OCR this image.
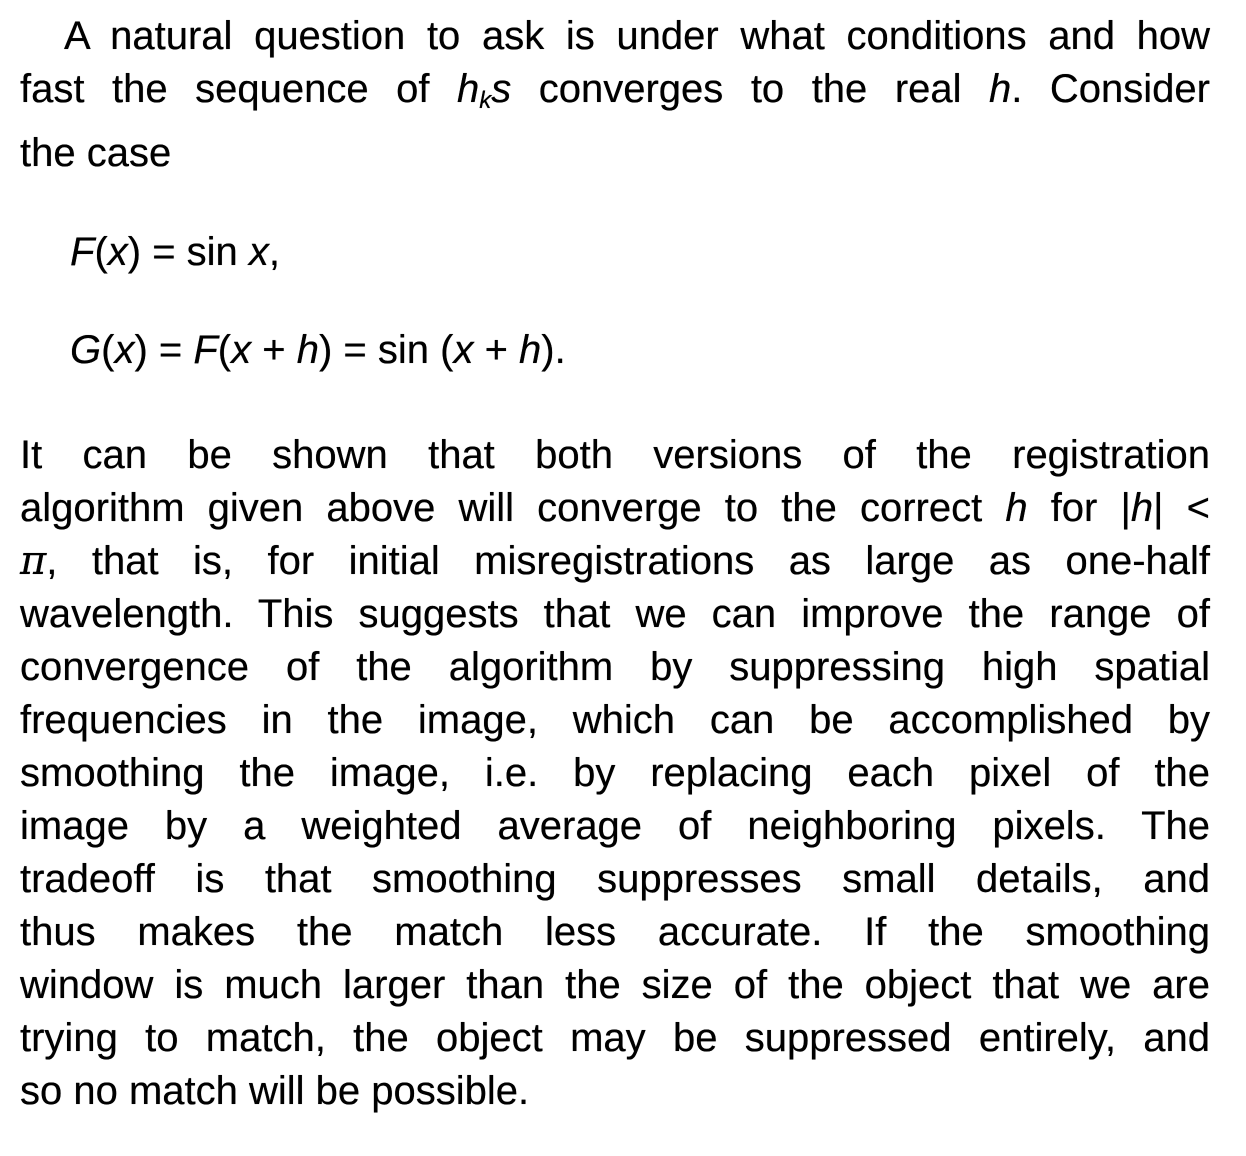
A natural question to ask is under what conditions and how
fast the sequence of $h_ks$ converges to the real h. Consider
the case
F(x) = sin x,
G(x) = F(x + h) = sin (x + h).
It can be shown that both versions of the registration
algorithm given above will converge to the correct h for |h| <
π, that is, for initial misregistrations as large as one-half
wavelength. This suggests that we can improve the range of
convergence of the algorithm by suppressing high spatial
frequencies in the image, which can be accomplished by
smoothing the image, i.e. by replacing each pixel of the
image by a weighted average of neighboring pixels. The
tradeoff is that smoothing suppresses small details, and
thus makes the match less accurate. If the smoothing
window is much larger than the size of the object that we are
trying to match, the object may be suppressed entirely, and
so no match will be possible.
